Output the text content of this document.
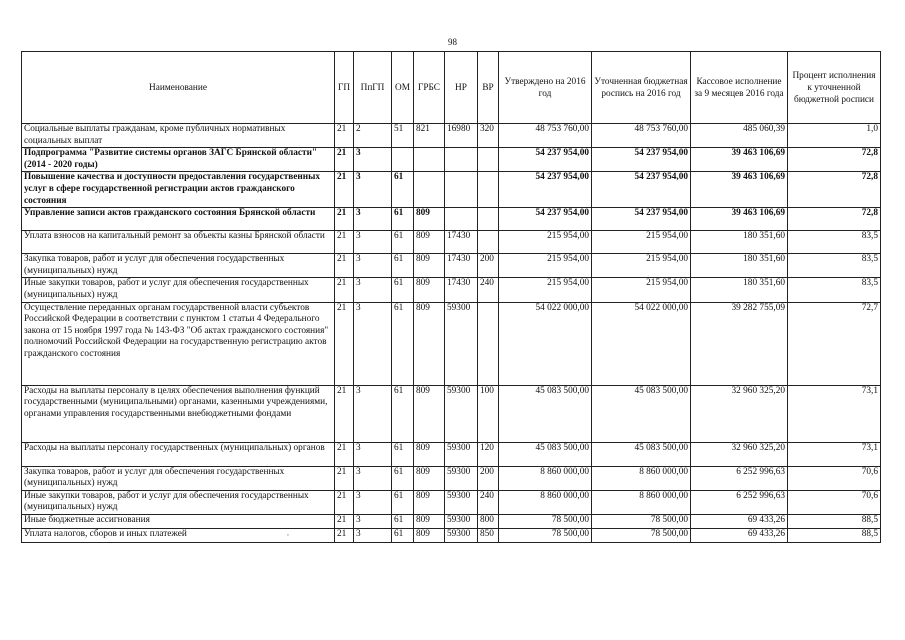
98
Наименование	ГП	ПпГП	ОМ	ГРБС	НР	ВР	Утверждено на 2016 год	Уточненная бюджетная роспись на 2016 год	Кассовое исполнение за 9 месяцев 2016 года	Процент исполнения к уточненной бюджетной росписи
Социальные выплаты гражданам, кроме публичных нормативных социальных выплат	21	2	51	821	16980	320	48 753 760,00	48 753 760,00	485 060,39	1,0
Подпрограмма "Развитие системы органов ЗАГС Брянской области" (2014 - 2020 годы)	21	3					54 237 954,00	54 237 954,00	39 463 106,69	72,8
Повышение качества и доступности предоставления государственных услуг в сфере государственной регистрации актов гражданского состояния	21	3	61				54 237 954,00	54 237 954,00	39 463 106,69	72,8
Управление записи актов гражданского состояния Брянской области	21	3	61	809			54 237 954,00	54 237 954,00	39 463 106,69	72,8
Уплата взносов на капитальный ремонт за объекты казны Брянской области	21	3	61	809	17430		215 954,00	215 954,00	180 351,60	83,5
Закупка товаров, работ и услуг для обеспечения государственных (муниципальных) нужд	21	3	61	809	17430	200	215 954,00	215 954,00	180 351,60	83,5
Иные закупки товаров, работ и услуг для обеспечения государственных (муниципальных) нужд	21	3	61	809	17430	240	215 954,00	215 954,00	180 351,60	83,5
Осуществление переданных органам государственной власти субъектов Российской Федерации в соответствии с пунктом 1 статьи 4 Федерального закона от 15 ноября 1997 года № 143-ФЗ "Об актах гражданского состояния" полномочий Российской Федерации на государственную регистрацию актов гражданского состояния	21	3	61	809	59300		54 022 000,00	54 022 000,00	39 282 755,09	72,7
Расходы на выплаты персоналу в целях обеспечения выполнения функций государственными (муниципальными) органами, казенными учреждениями, органами управления государственными внебюджетными фондами	21	3	61	809	59300	100	45 083 500,00	45 083 500,00	32 960 325,20	73,1
Расходы на выплаты персоналу государственных (муниципальных) органов	21	3	61	809	59300	120	45 083 500,00	45 083 500,00	32 960 325,20	73,1
Закупка товаров, работ и услуг для обеспечения государственных (муниципальных) нужд	21	3	61	809	59300	200	8 860 000,00	8 860 000,00	6 252 996,63	70,6
Иные закупки товаров, работ и услуг для обеспечения государственных (муниципальных) нужд	21	3	61	809	59300	240	8 860 000,00	8 860 000,00	6 252 996,63	70,6
Иные бюджетные ассигнования	21	3	61	809	59300	800	78 500,00	78 500,00	69 433,26	88,5
Уплата налогов, сборов и иных платежей	21	3	61	809	59300	850	78 500,00	78 500,00	69 433,26	88,5
,
